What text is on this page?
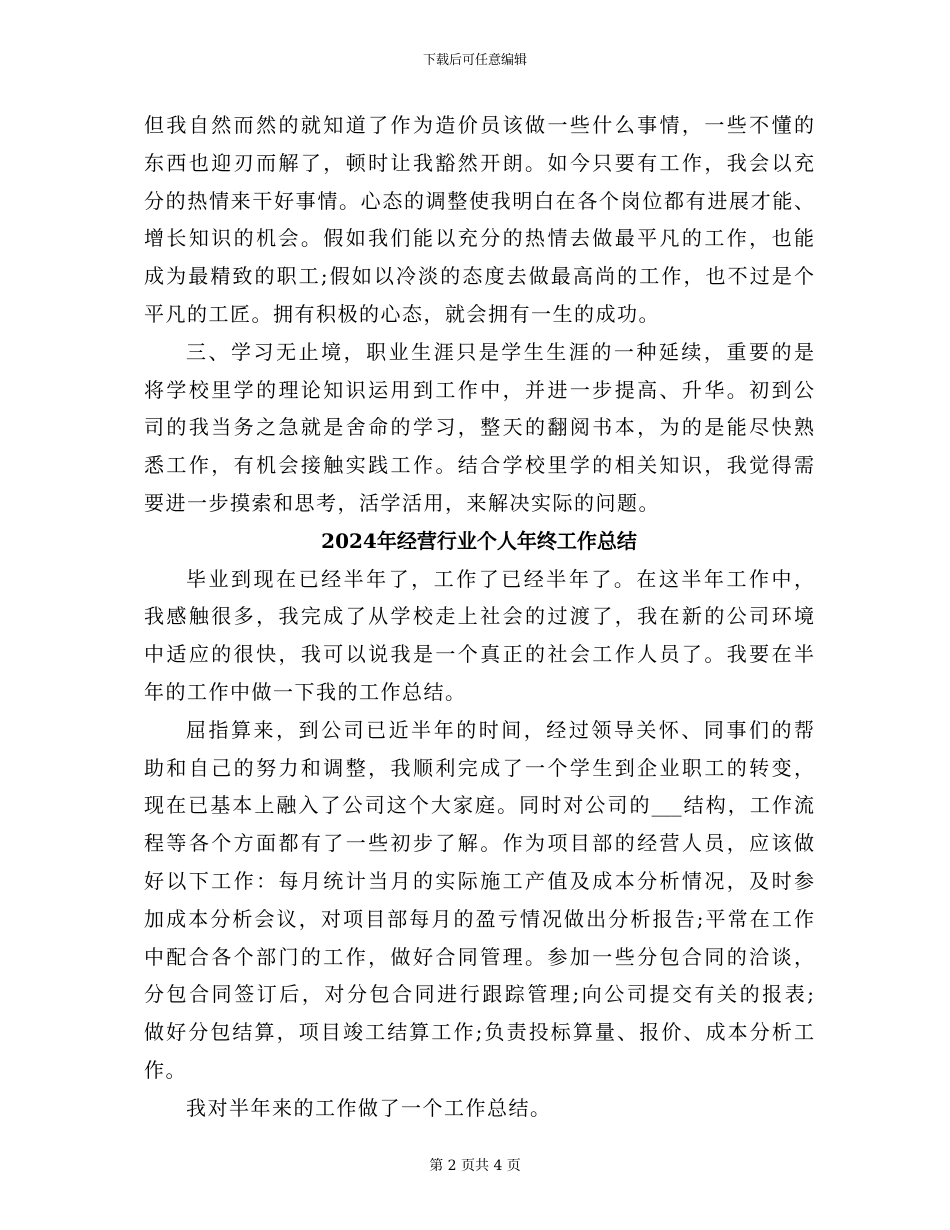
下载后可任意编辑
但我自然而然的就知道了作为造价员该做一些什么事情，一些不懂的
东西也迎刃而解了，顿时让我豁然开朗。如今只要有工作，我会以充
分的热情来干好事情。心态的调整使我明白在各个岗位都有进展才能、
增长知识的机会。假如我们能以充分的热情去做最平凡的工作，也能
成为最精致的职工;假如以冷淡的态度去做最高尚的工作，也不过是个
平凡的工匠。拥有积极的心态，就会拥有一生的成功。
三、学习无止境，职业生涯只是学生生涯的一种延续，重要的是
将学校里学的理论知识运用到工作中，并进一步提高、升华。初到公
司的我当务之急就是舍命的学习，整天的翻阅书本，为的是能尽快熟
悉工作，有机会接触实践工作。结合学校里学的相关知识，我觉得需
要进一步摸索和思考，活学活用，来解决实际的问题。
2024年经营行业个人年终工作总结
毕业到现在已经半年了，工作了已经半年了。在这半年工作中，
我感触很多，我完成了从学校走上社会的过渡了，我在新的公司环境
中适应的很快，我可以说我是一个真正的社会工作人员了。我要在半
年的工作中做一下我的工作总结。
屈指算来，到公司已近半年的时间，经过领导关怀、同事们的帮
助和自己的努力和调整，我顺利完成了一个学生到企业职工的转变，
现在已基本上融入了公司这个大家庭。同时对公司的___结构，工作流
程等各个方面都有了一些初步了解。作为项目部的经营人员，应该做
好以下工作：每月统计当月的实际施工产值及成本分析情况，及时参
加成本分析会议，对项目部每月的盈亏情况做出分析报告;平常在工作
中配合各个部门的工作，做好合同管理。参加一些分包合同的洽谈，
分包合同签订后，对分包合同进行跟踪管理;向公司提交有关的报表;
做好分包结算，项目竣工结算工作;负责投标算量、报价、成本分析工
作。
我对半年来的工作做了一个工作总结。
第 2 页共 4 页
